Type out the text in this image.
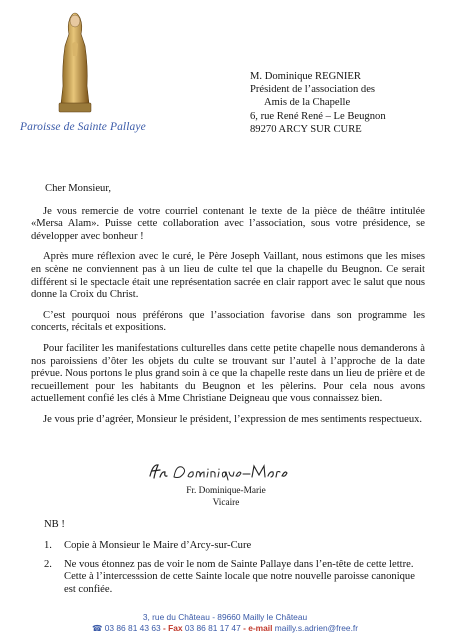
Paroisse de Sainte Pallaye
M. Dominique REGNIER
Président de l’association des
Amis de la Chapelle
6, rue René René – Le Beugnon
89270 ARCY SUR CURE

Cher Monsieur,

Je vous remercie de votre courriel contenant le texte de la pièce de théâtre intitulée «Mersa Alam». Puisse cette collaboration avec l’association, sous votre présidence, se développer avec bonheur !

Après mure réflexion avec le curé, le Père Joseph Vaillant, nous estimons que les mises en scène ne conviennent pas à un lieu de culte tel que la chapelle du Beugnon. Ce serait différent si le spectacle était une représentation sacrée en clair rapport avec le salut que nous donne la Croix du Christ.

C’est pourquoi nous préférons que l’association favorise dans son programme les concerts, récitals et expositions.

Pour faciliter les manifestations culturelles dans cette petite chapelle nous demanderons à nos paroissiens d’ôter les objets du culte se trouvant sur l’autel à l’approche de la date prévue. Nous portons le plus grand soin à ce que la chapelle reste dans un lieu de prière et de recueillement pour les habitants du Beugnon et les pèlerins. Pour cela nous avons actuellement confié les clés à Mme Christiane Deigneau que vous connaissez bien.

Je vous prie d’agréer, Monsieur le président, l’expression de mes sentiments respectueux.

Fr. Dominique-Marie
Vicaire
NB !
1.	Copie à Monsieur le Maire d’Arcy-sur-Cure
2.	Ne vous étonnez pas de voir le nom de Sainte Pallaye dans l’en-tête de cette lettre. Cette à l’intercesssion de cette Sainte locale que notre nouvelle paroisse canonique est confiée.
3, rue du Château - 89660 Mailly le Château
☎ 03 86 81 43 63 - Fax 03 86 81 17 47 - e-mail mailly.s.adrien@free.fr
